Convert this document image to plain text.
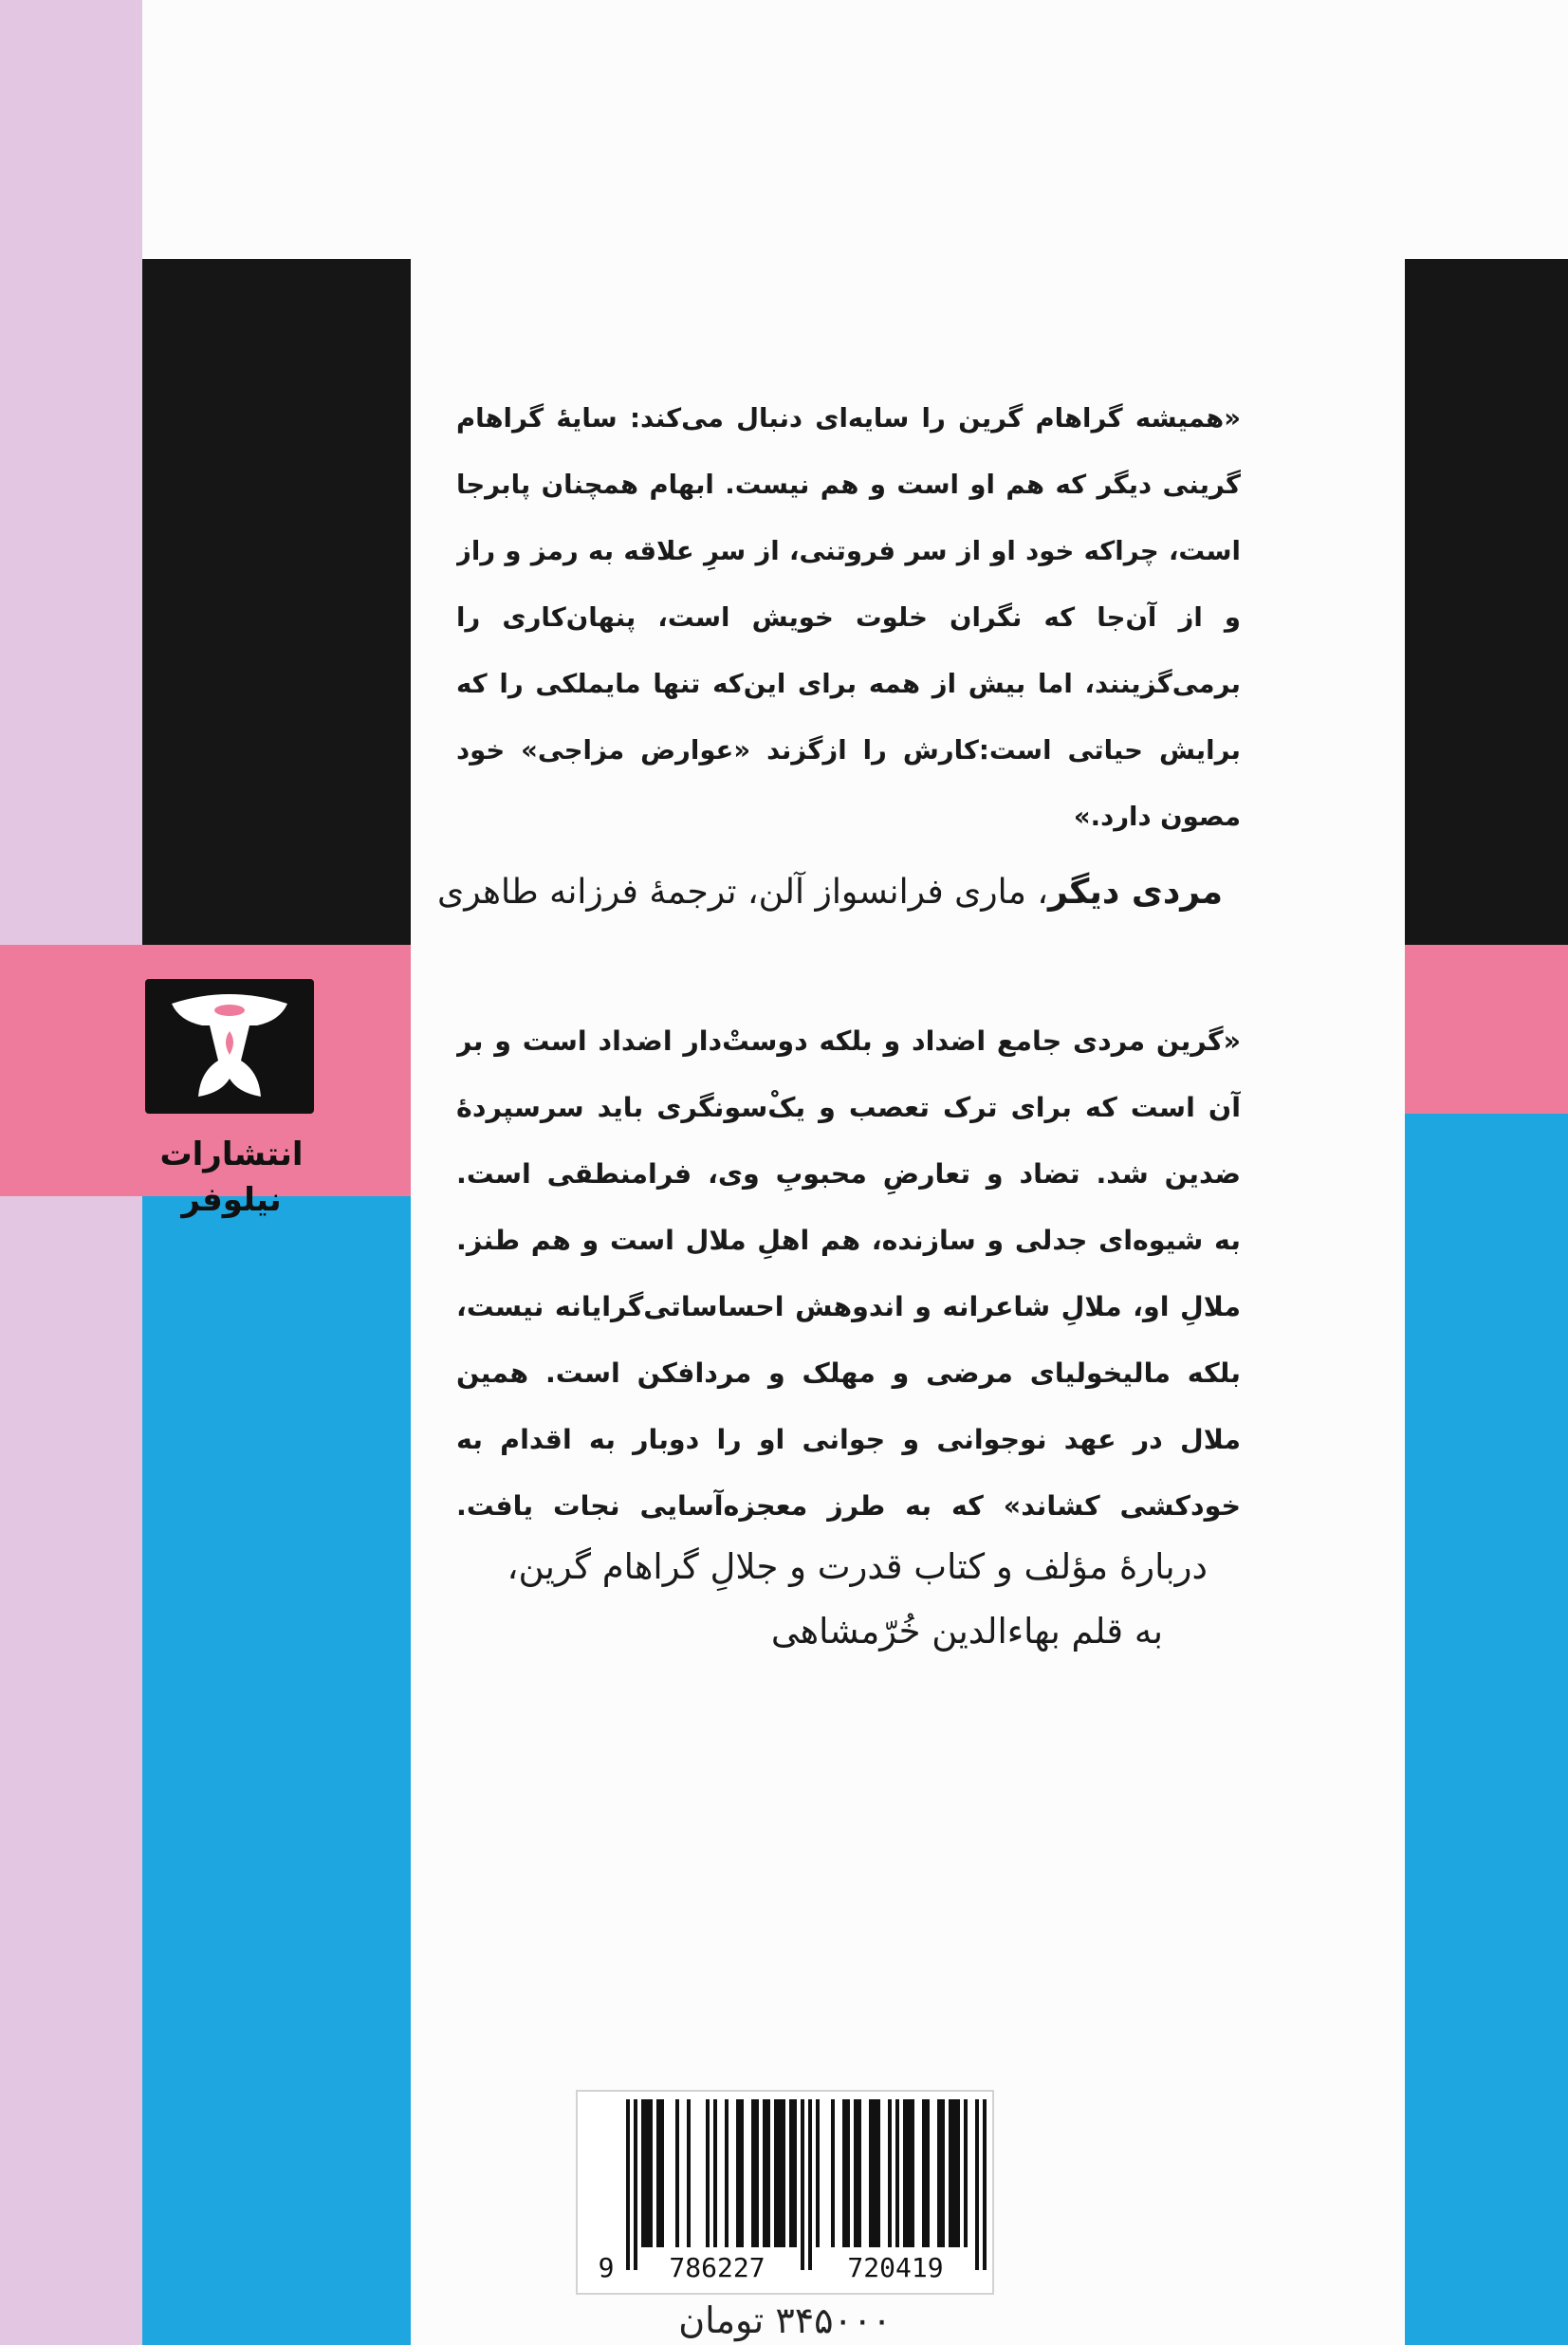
انتشارات نیلوفر
«همیشه گراهام گرین را سایه‌ای دنبال می‌کند: سایهٔ گراهام
گرینی دیگر که هم او است و هم نیست. ابهام همچنان پابرجا
است، چراکه خود او از سر فروتنی، از سرِ علاقه به رمز و راز
و از آن‌جا که نگران خلوت خویش است، پنهان‌کاری را
برمی‌گزینند، اما بیش از همه برای این‌که تنها مایملکی را که
برایش حیاتی است:کارش را ازگزند «عوارض مزاجی» خود
مصون دارد.»
مردی دیگر، ماری فرانسواز آلن، ترجمهٔ فرزانه طاهری
«گرین مردی جامع اضداد و بلکه دوستْ‌دار اضداد است و بر
آن است که برای ترک تعصب و یکْ‌سونگری باید سرسپردهٔ
ضدین شد. تضاد و تعارضِ محبوبِ وی، فرامنطقی است.
به شیوه‌ای جدلی و سازنده، هم اهلِ ملال است و هم طنز.
ملالِ او، ملالِ شاعرانه و اندوهش احساساتی‌گرایانه نیست،
بلکه مالیخولیای مرضی و مهلک و مردافکن است. همین
ملال در عهد نوجوانی و جوانی او را دوبار به اقدام به
خودکشی کشاند» که به طرز معجزه‌آسایی نجات یافت.
دربارهٔ مؤلف و کتاب قدرت و جلالِ گراهام گرین،
به قلم بهاءالدین خُرّمشاهی
9	786227	720419
۳۴۵۰۰۰ تومان
